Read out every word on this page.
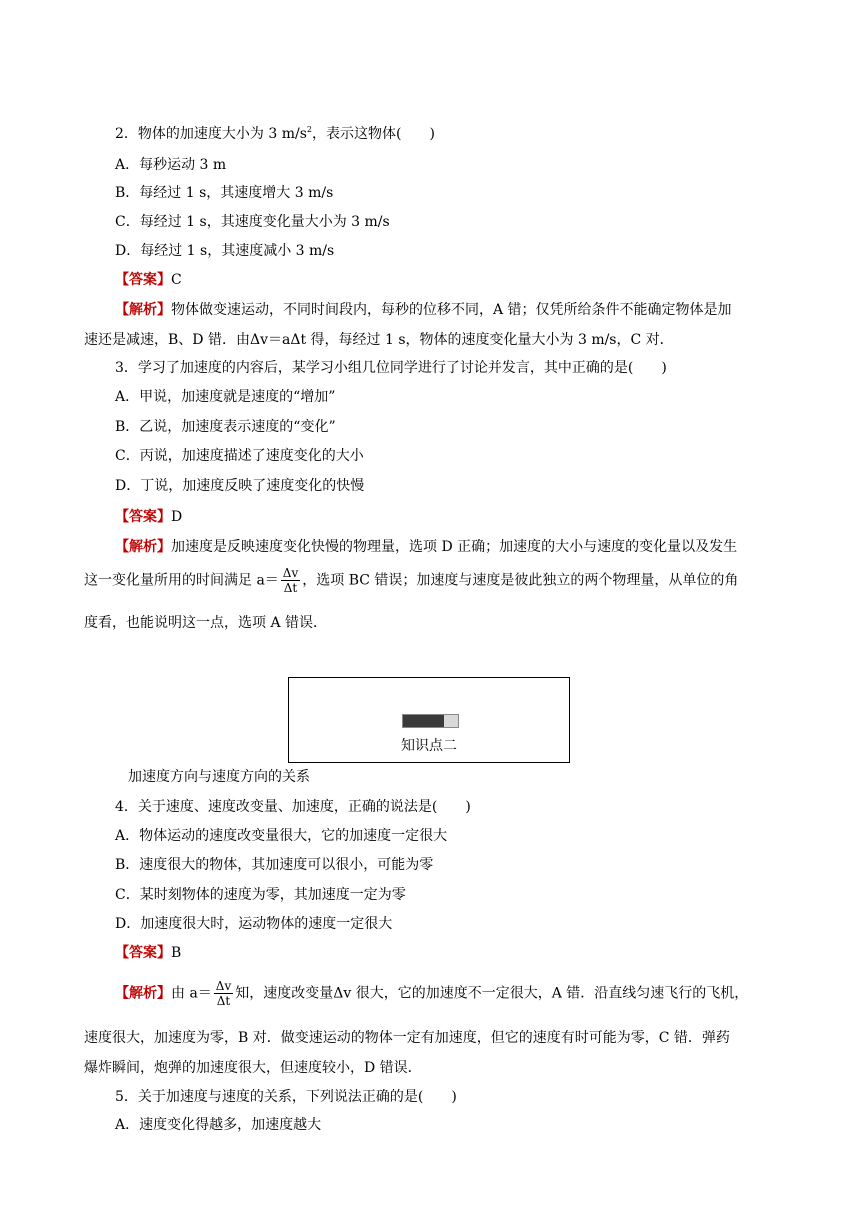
2．物体的加速度大小为 3 $m/s^2$，表示这物体(　　)
A．每秒运动 3 m
B．每经过 1 s，其速度增大 3 m/s
C．每经过 1 s，其速度变化量大小为 3 m/s
D．每经过 1 s，其速度减小 3 m/s
【答案】C
【解析】物体做变速运动，不同时间段内，每秒的位移不同，A 错；仅凭所给条件不能确定物体是加
速还是减速，B、D 错．由Δv＝aΔt 得，每经过 1 s，物体的速度变化量大小为 3 m/s，C 对．
3．学习了加速度的内容后，某学习小组几位同学进行了讨论并发言，其中正确的是(　　)
A．甲说，加速度就是速度的“增加”
B．乙说，加速度表示速度的“变化”
C．丙说，加速度描述了速度变化的大小
D．丁说，加速度反映了速度变化的快慢
【答案】D
【解析】加速度是反映速度变化快慢的物理量，选项 D 正确；加速度的大小与速度的变化量以及发生
这一变化量所用的时间满足 $a= \frac{\Delta v}{\Delta t}$ ，选项 BC 错误；加速度与速度是彼此独立的两个物理量，从单位的角
度看，也能说明这一点，选项 A 错误．
知识点二
加速度方向与速度方向的关系
4．关于速度、速度改变量、加速度，正确的说法是(　　)
A．物体运动的速度改变量很大，它的加速度一定很大
B．速度很大的物体，其加速度可以很小，可能为零
C．某时刻物体的速度为零，其加速度一定为零
D．加速度很大时，运动物体的速度一定很大
【答案】B
【解析】由 $a= \frac{\Delta v}{\Delta t}$ 知，速度改变量Δv 很大，它的加速度不一定很大，A 错．沿直线匀速飞行的飞机，
速度很大，加速度为零，B 对．做变速运动的物体一定有加速度，但它的速度有时可能为零，C 错．弹药
爆炸瞬间，炮弹的加速度很大，但速度较小，D 错误．
5．关于加速度与速度的关系，下列说法正确的是(　　)
A．速度变化得越多，加速度越大
